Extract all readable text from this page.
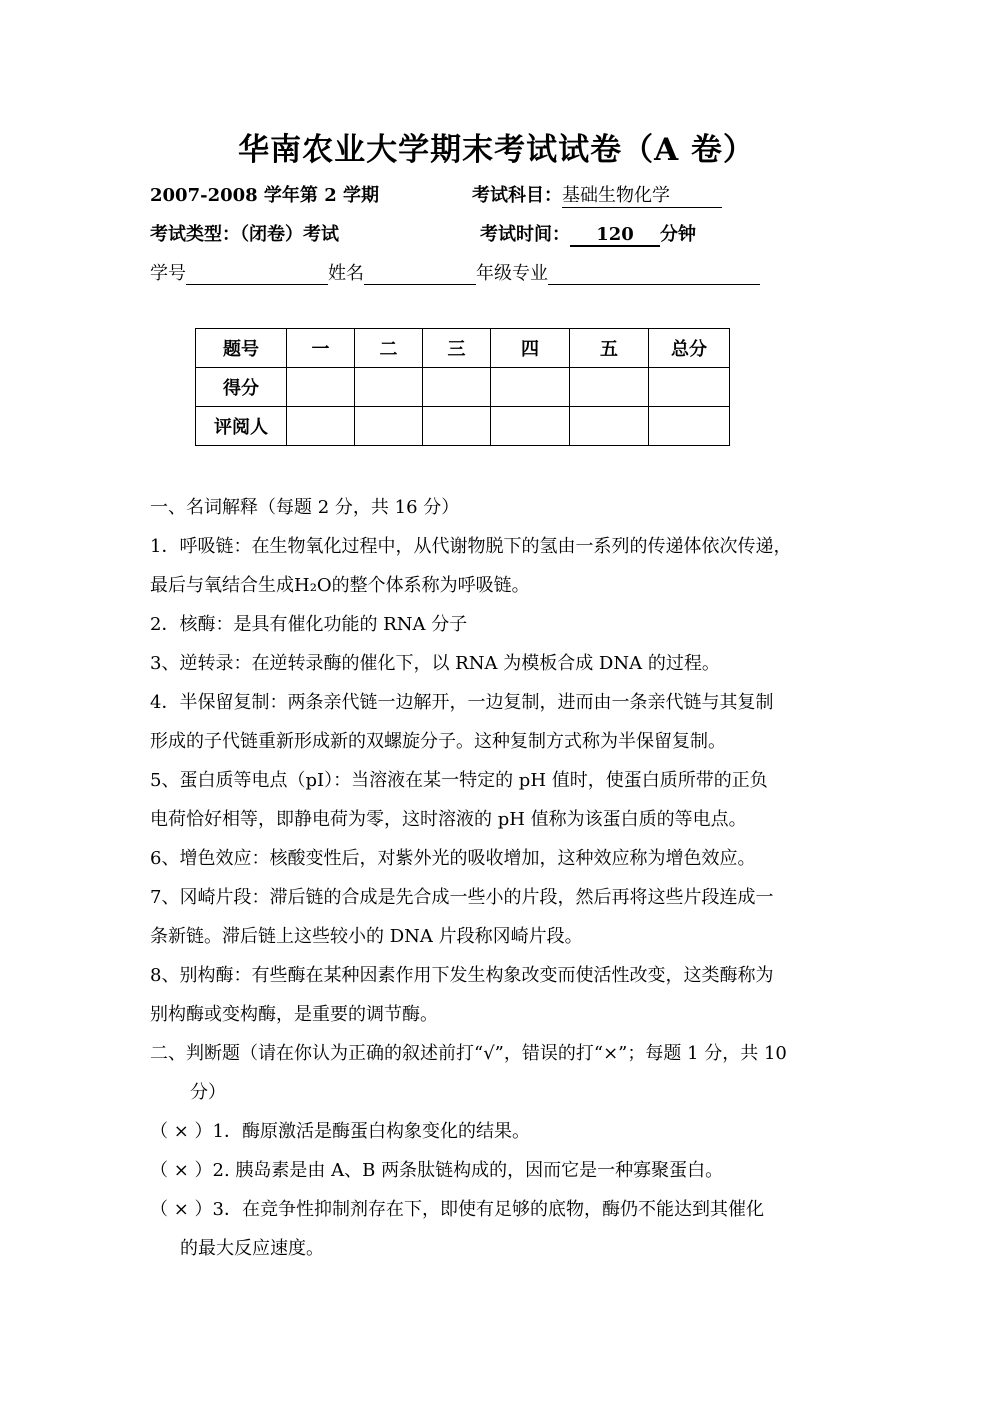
华南农业大学期末考试试卷（A 卷）
2007-2008 学年第 2 学期	考试科目：基础生物化学
考试类型：（闭卷）考试	考试时间： 120 分钟
学号	姓名	年级专业
题号	一	二	三	四	五	总分
得分						
评阅人						
一、名词解释（每题 2 分，共 16 分）
1．呼吸链：在生物氧化过程中，从代谢物脱下的氢由一系列的传递体依次传递，
最后与氧结合生成H₂O的整个体系称为呼吸链。
2．核酶：是具有催化功能的 RNA 分子
3、逆转录：在逆转录酶的催化下，以 RNA 为模板合成 DNA 的过程。
4．半保留复制：两条亲代链一边解开，一边复制，进而由一条亲代链与其复制
形成的子代链重新形成新的双螺旋分子。这种复制方式称为半保留复制。
5、蛋白质等电点（pI）：当溶液在某一特定的 pH 值时，使蛋白质所带的正负
电荷恰好相等，即静电荷为零，这时溶液的 pH 值称为该蛋白质的等电点。
6、增色效应：核酸变性后，对紫外光的吸收增加，这种效应称为增色效应。
7、冈崎片段：滞后链的合成是先合成一些小的片段，然后再将这些片段连成一
条新链。滞后链上这些较小的 DNA 片段称冈崎片段。
8、别构酶：有些酶在某种因素作用下发生构象改变而使活性改变，这类酶称为
别构酶或变构酶，是重要的调节酶。
二、判断题（请在你认为正确的叙述前打“√”，错误的打“×”；每题 1 分，共 10
分）
（ × ）1．酶原激活是酶蛋白构象变化的结果。
（ × ）2. 胰岛素是由 A、B 两条肽链构成的，因而它是一种寡聚蛋白。
（ × ）3．在竞争性抑制剂存在下，即使有足够的底物，酶仍不能达到其催化
的最大反应速度。
